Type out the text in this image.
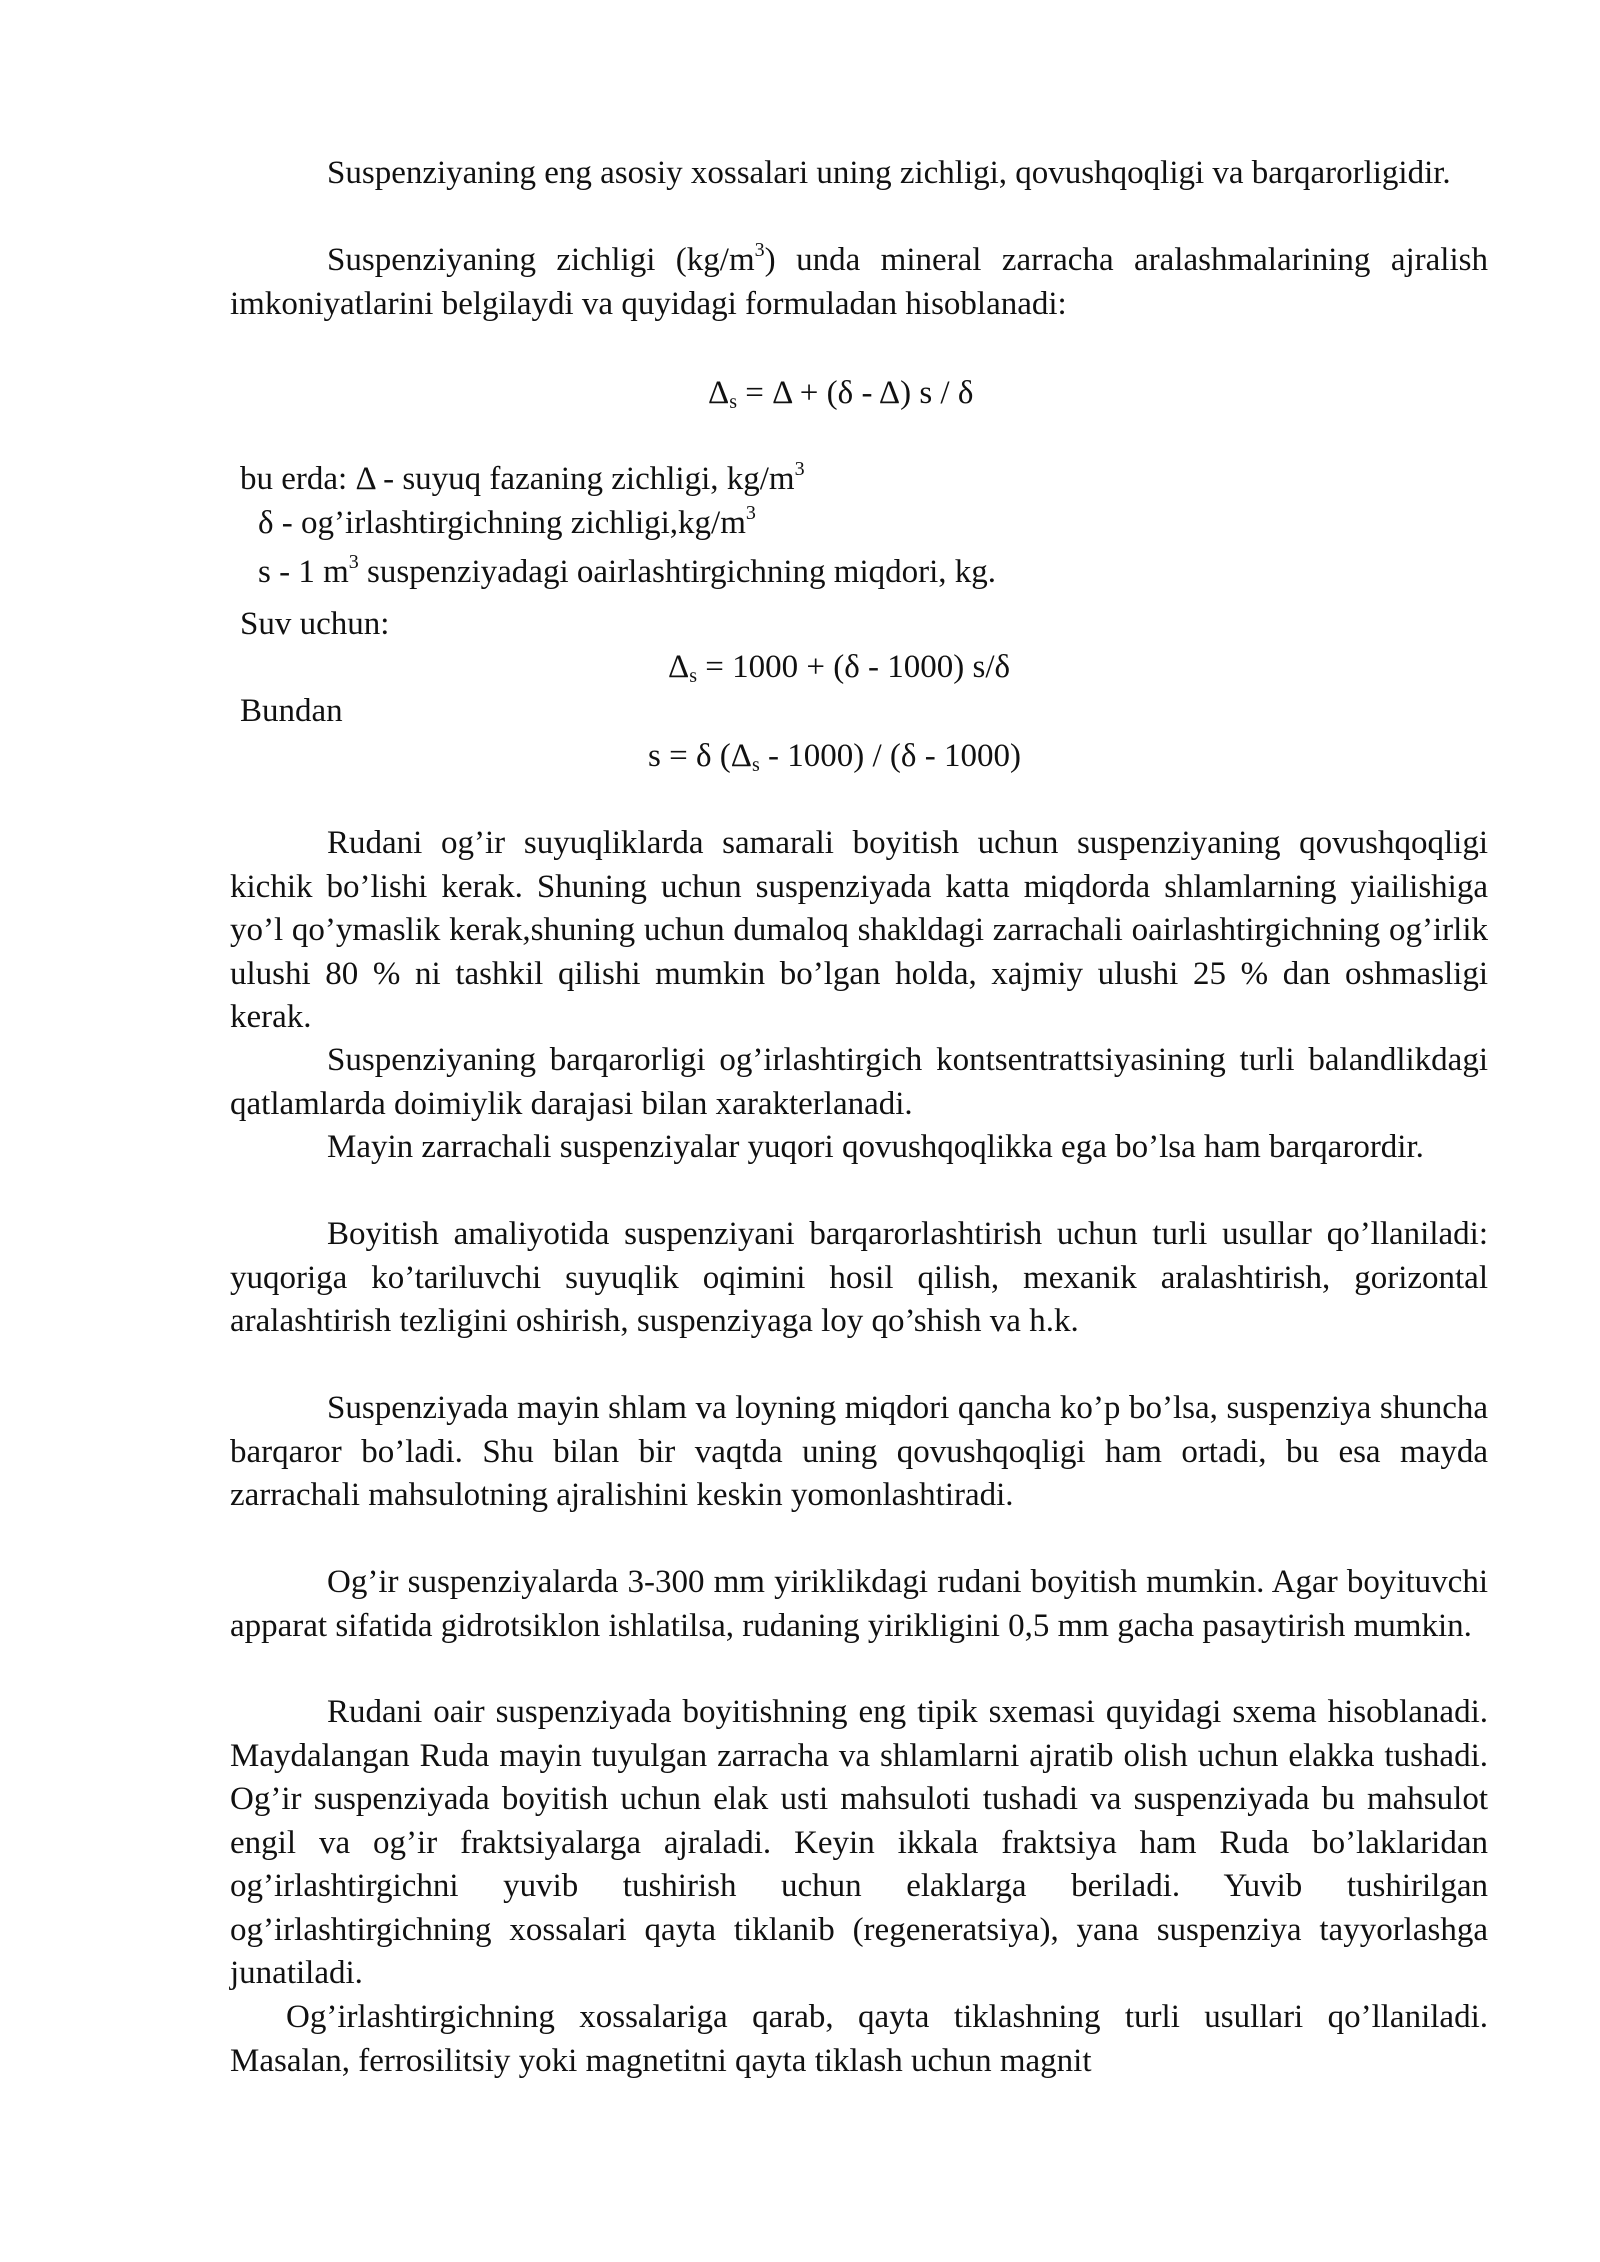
Suspenziyaning eng asosiy xossalari uning zichligi, qovushqoqligi va barqarorligidir.

Suspenziyaning zichligi $(kg/m^3)$ unda mineral zarracha aralashmalarining ajralish imkoniyatlarini belgilaydi va quyidagi formuladan hisoblanadi:

$\Delta_s = \Delta + (\delta - \Delta)$ s / δ
bu erda: Δ - suyuq fazaning zichligi, $kg/m^3$
δ - og’irlashtirgichning $zichligi,kg/m^3$
s - 1 $m^3$ suspenziyadagi oairlashtirgichning miqdori, kg.
Suv uchun:
$\Delta_s = 1000 + (\delta - 1000)$ s/δ
Bundan
s = δ $(\Delta_s - 1000) / (\delta - 1000)$

Rudani og’ir suyuqliklarda samarali boyitish uchun suspenziyaning qovushqoqligi kichik bo’lishi kerak. Shuning uchun suspenziyada katta miqdorda shlamlarning yiailishiga yo’l qo’ymaslik kerak,shuning uchun dumaloq shakldagi zarrachali oairlashtirgichning og’irlik ulushi 80 % ni tashkil qilishi mumkin bo’lgan holda, xajmiy ulushi 25 % dan oshmasligi kerak.

Suspenziyaning barqarorligi og’irlashtirgich kontsentrattsiyasining turli balandlikdagi qatlamlarda doimiylik darajasi bilan xarakterlanadi.

Mayin zarrachali suspenziyalar yuqori qovushqoqlikka ega bo’lsa ham barqarordir.

Boyitish amaliyotida suspenziyani barqarorlashtirish uchun turli usullar qo’llaniladi: yuqoriga ko’tariluvchi suyuqlik oqimini hosil qilish, mexanik aralashtirish, gorizontal aralashtirish tezligini oshirish, suspenziyaga loy qo’shish va h.k.

Suspenziyada mayin shlam va loyning miqdori qancha ko’p bo’lsa, suspenziya shuncha barqaror bo’ladi. Shu bilan bir vaqtda uning qovushqoqligi ham ortadi, bu esa mayda zarrachali mahsulotning ajralishini keskin yomonlashtiradi.

Og’ir suspenziyalarda 3-300 mm yiriklikdagi rudani boyitish mumkin. Agar boyituvchi apparat sifatida gidrotsiklon ishlatilsa, rudaning yirikligini 0,5 mm gacha pasaytirish mumkin.

Rudani oair suspenziyada boyitishning eng tipik sxemasi quyidagi sxema hisoblanadi. Maydalangan Ruda mayin tuyulgan zarracha va shlamlarni ajratib olish uchun elakka tushadi. Og’ir suspenziyada boyitish uchun elak usti mahsuloti tushadi va suspenziyada bu mahsulot engil va og’ir fraktsiyalarga ajraladi. Keyin ikkala fraktsiya ham Ruda bo’laklaridan og’irlashtirgichni yuvib tushirish uchun elaklarga beriladi. Yuvib tushirilgan og’irlashtirgichning xossalari qayta tiklanib (regeneratsiya), yana suspenziya tayyorlashga junatiladi.

Og’irlashtirgichning xossalariga qarab, qayta tiklashning turli usullari qo’llaniladi. Masalan, ferrosilitsiy yoki magnetitni qayta tiklash uchun magnit
